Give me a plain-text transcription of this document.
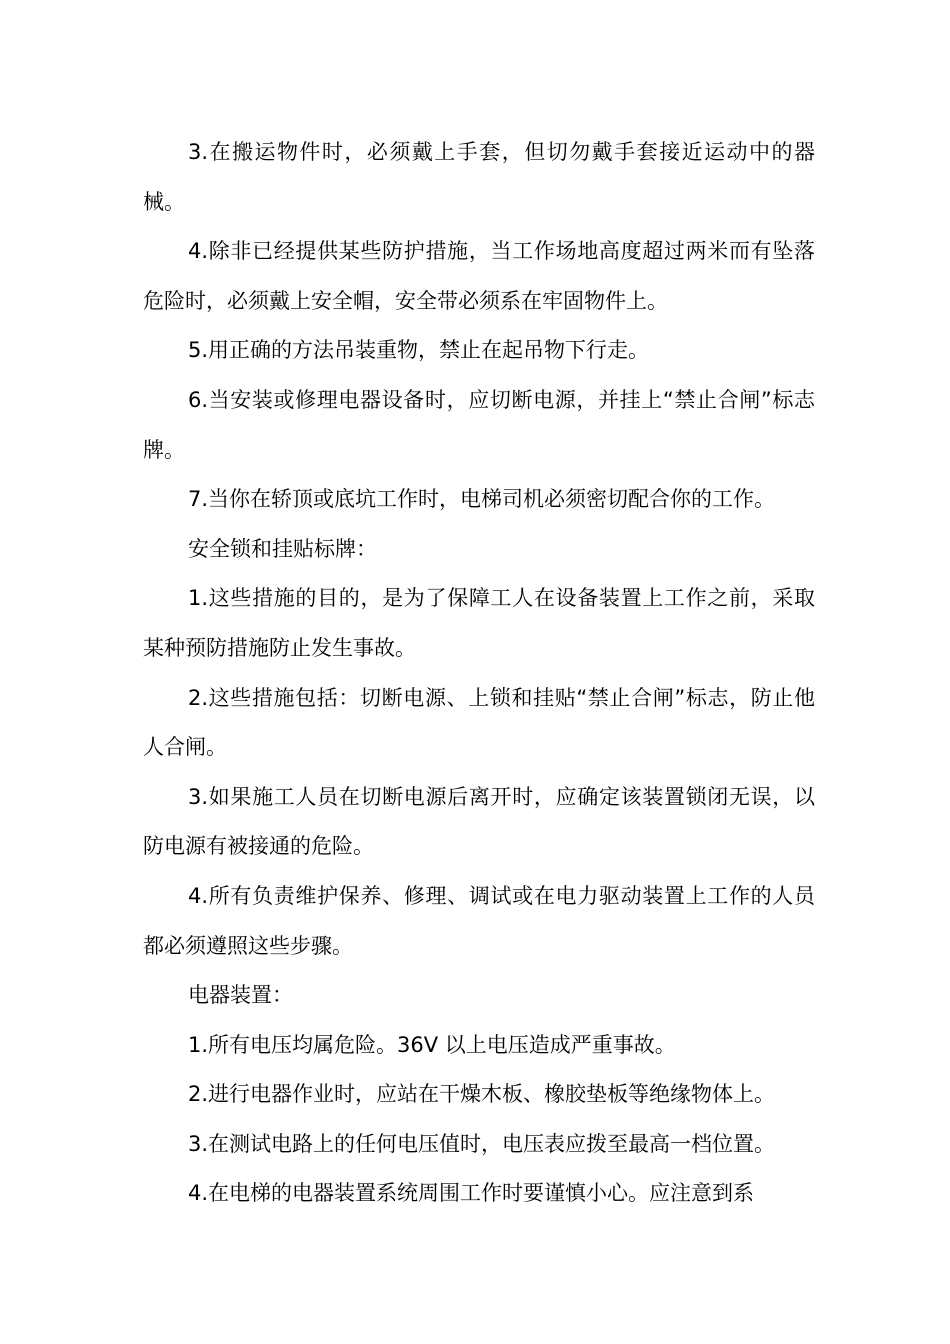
3.在搬运物件时，必须戴上手套，但切勿戴手套接近运动中的器械。

4.除非已经提供某些防护措施，当工作场地高度超过两米而有坠落危险时，必须戴上安全帽，安全带必须系在牢固物件上。

5.用正确的方法吊装重物，禁止在起吊物下行走。

6.当安装或修理电器设备时，应切断电源，并挂上“禁止合闸”标志牌。

7.当你在轿顶或底坑工作时，电梯司机必须密切配合你的工作。

安全锁和挂贴标牌：

1.这些措施的目的，是为了保障工人在设备装置上工作之前，采取某种预防措施防止发生事故。

2.这些措施包括：切断电源、上锁和挂贴“禁止合闸”标志，防止他人合闸。

3.如果施工人员在切断电源后离开时，应确定该装置锁闭无误，以防电源有被接通的危险。

4.所有负责维护保养、修理、调试或在电力驱动装置上工作的人员都必须遵照这些步骤。

电器装置：

1.所有电压均属危险。36V 以上电压造成严重事故。

2.进行电器作业时，应站在干燥木板、橡胶垫板等绝缘物体上。

3.在测试电路上的任何电压值时，电压表应拨至最高一档位置。

4.在电梯的电器装置系统周围工作时要谨慎小心。应注意到系
